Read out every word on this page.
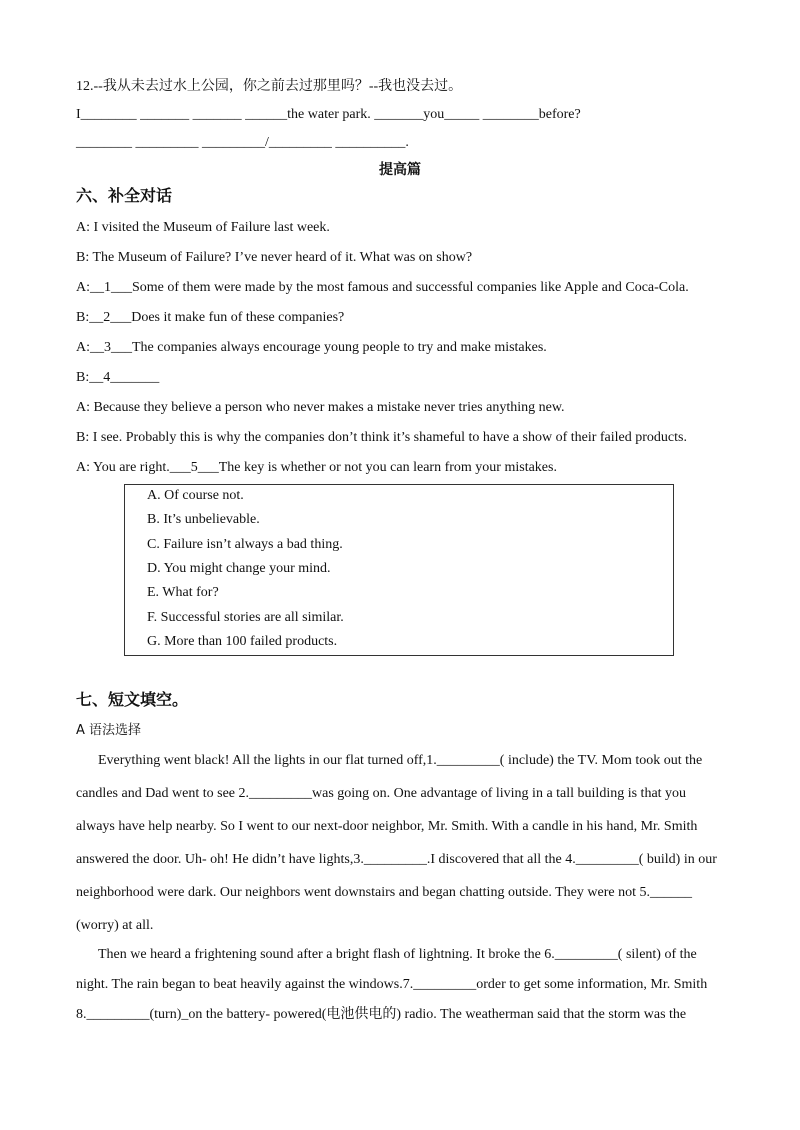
12.--我从未去过水上公园，你之前去过那里吗？--我也没去过。
I________ _______ _______ ______the water park. _______you_____ ________before?
________ _________ _________/_________ __________.
提高篇
六、补全对话
A: I visited the Museum of Failure last week.
B: The Museum of Failure? I’ve never heard of it. What was on show?
A:__1___Some of them were made by the most famous and successful companies like Apple and Coca-Cola.
B:__2___Does it make fun of these companies?
A:__3___The companies always encourage young people to try and make mistakes.
B:__4_______
A: Because they believe a person who never makes a mistake never tries anything new.
B: I see. Probably this is why the companies don’t think it’s shameful to have a show of their failed products.
A: You are right.___5___The key is whether or not you can learn from your mistakes.
A. Of course not.
B. It’s unbelievable.
C. Failure isn’t always a bad thing.
D. You might change your mind.
E. What for?
F. Successful stories are all similar.
G. More than 100 failed products.
七、短文填空。
A 语法选择
Everything went black! All the lights in our flat turned off,1._________( include) the TV. Mom took out the
candles and Dad went to see 2._________was going on. One advantage of living in a tall building is that you
always have help nearby. So I went to our next-door neighbor, Mr. Smith. With a candle in his hand, Mr. Smith
answered the door. Uh- oh! He didn’t have lights,3._________.I discovered that all the 4._________( build) in our
neighborhood were dark. Our neighbors went downstairs and began chatting outside. They were not 5.______
(worry) at all.
Then we heard a frightening sound after a bright flash of lightning. It broke the 6._________( silent) of the
night. The rain began to beat heavily against the windows.7._________order to get some information, Mr. Smith
8._________(turn)_on the battery- powered(电池供电的) radio. The weatherman said that the storm was the
